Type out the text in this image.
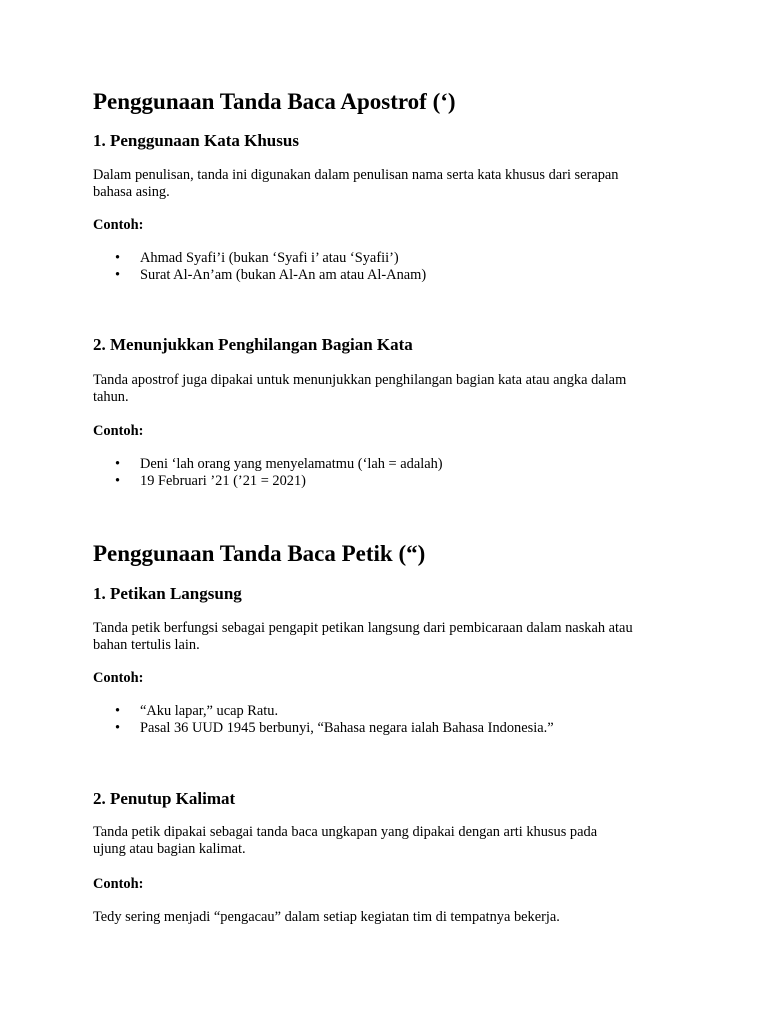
Penggunaan Tanda Baca Apostrof (‘)
1. Penggunaan Kata Khusus

Dalam penulisan, tanda ini digunakan dalam penulisan nama serta kata khusus dari serapan
bahasa asing.

Contoh:

• Ahmad Syafi’i (bukan ‘Syafi i’ atau ‘Syafii’)
• Surat Al-An’am (bukan Al-An am atau Al-Anam)
2. Menunjukkan Penghilangan Bagian Kata

Tanda apostrof juga dipakai untuk menunjukkan penghilangan bagian kata atau angka dalam
tahun.

Contoh:

• Deni ‘lah orang yang menyelamatmu (‘lah = adalah)
• 19 Februari ’21 (’21 = 2021)
Penggunaan Tanda Baca Petik (“)
1. Petikan Langsung

Tanda petik berfungsi sebagai pengapit petikan langsung dari pembicaraan dalam naskah atau
bahan tertulis lain.

Contoh:

• “Aku lapar,” ucap Ratu.
• Pasal 36 UUD 1945 berbunyi, “Bahasa negara ialah Bahasa Indonesia.”
2. Penutup Kalimat

Tanda petik dipakai sebagai tanda baca ungkapan yang dipakai dengan arti khusus pada
ujung atau bagian kalimat.

Contoh:

Tedy sering menjadi “pengacau” dalam setiap kegiatan tim di tempatnya bekerja.
